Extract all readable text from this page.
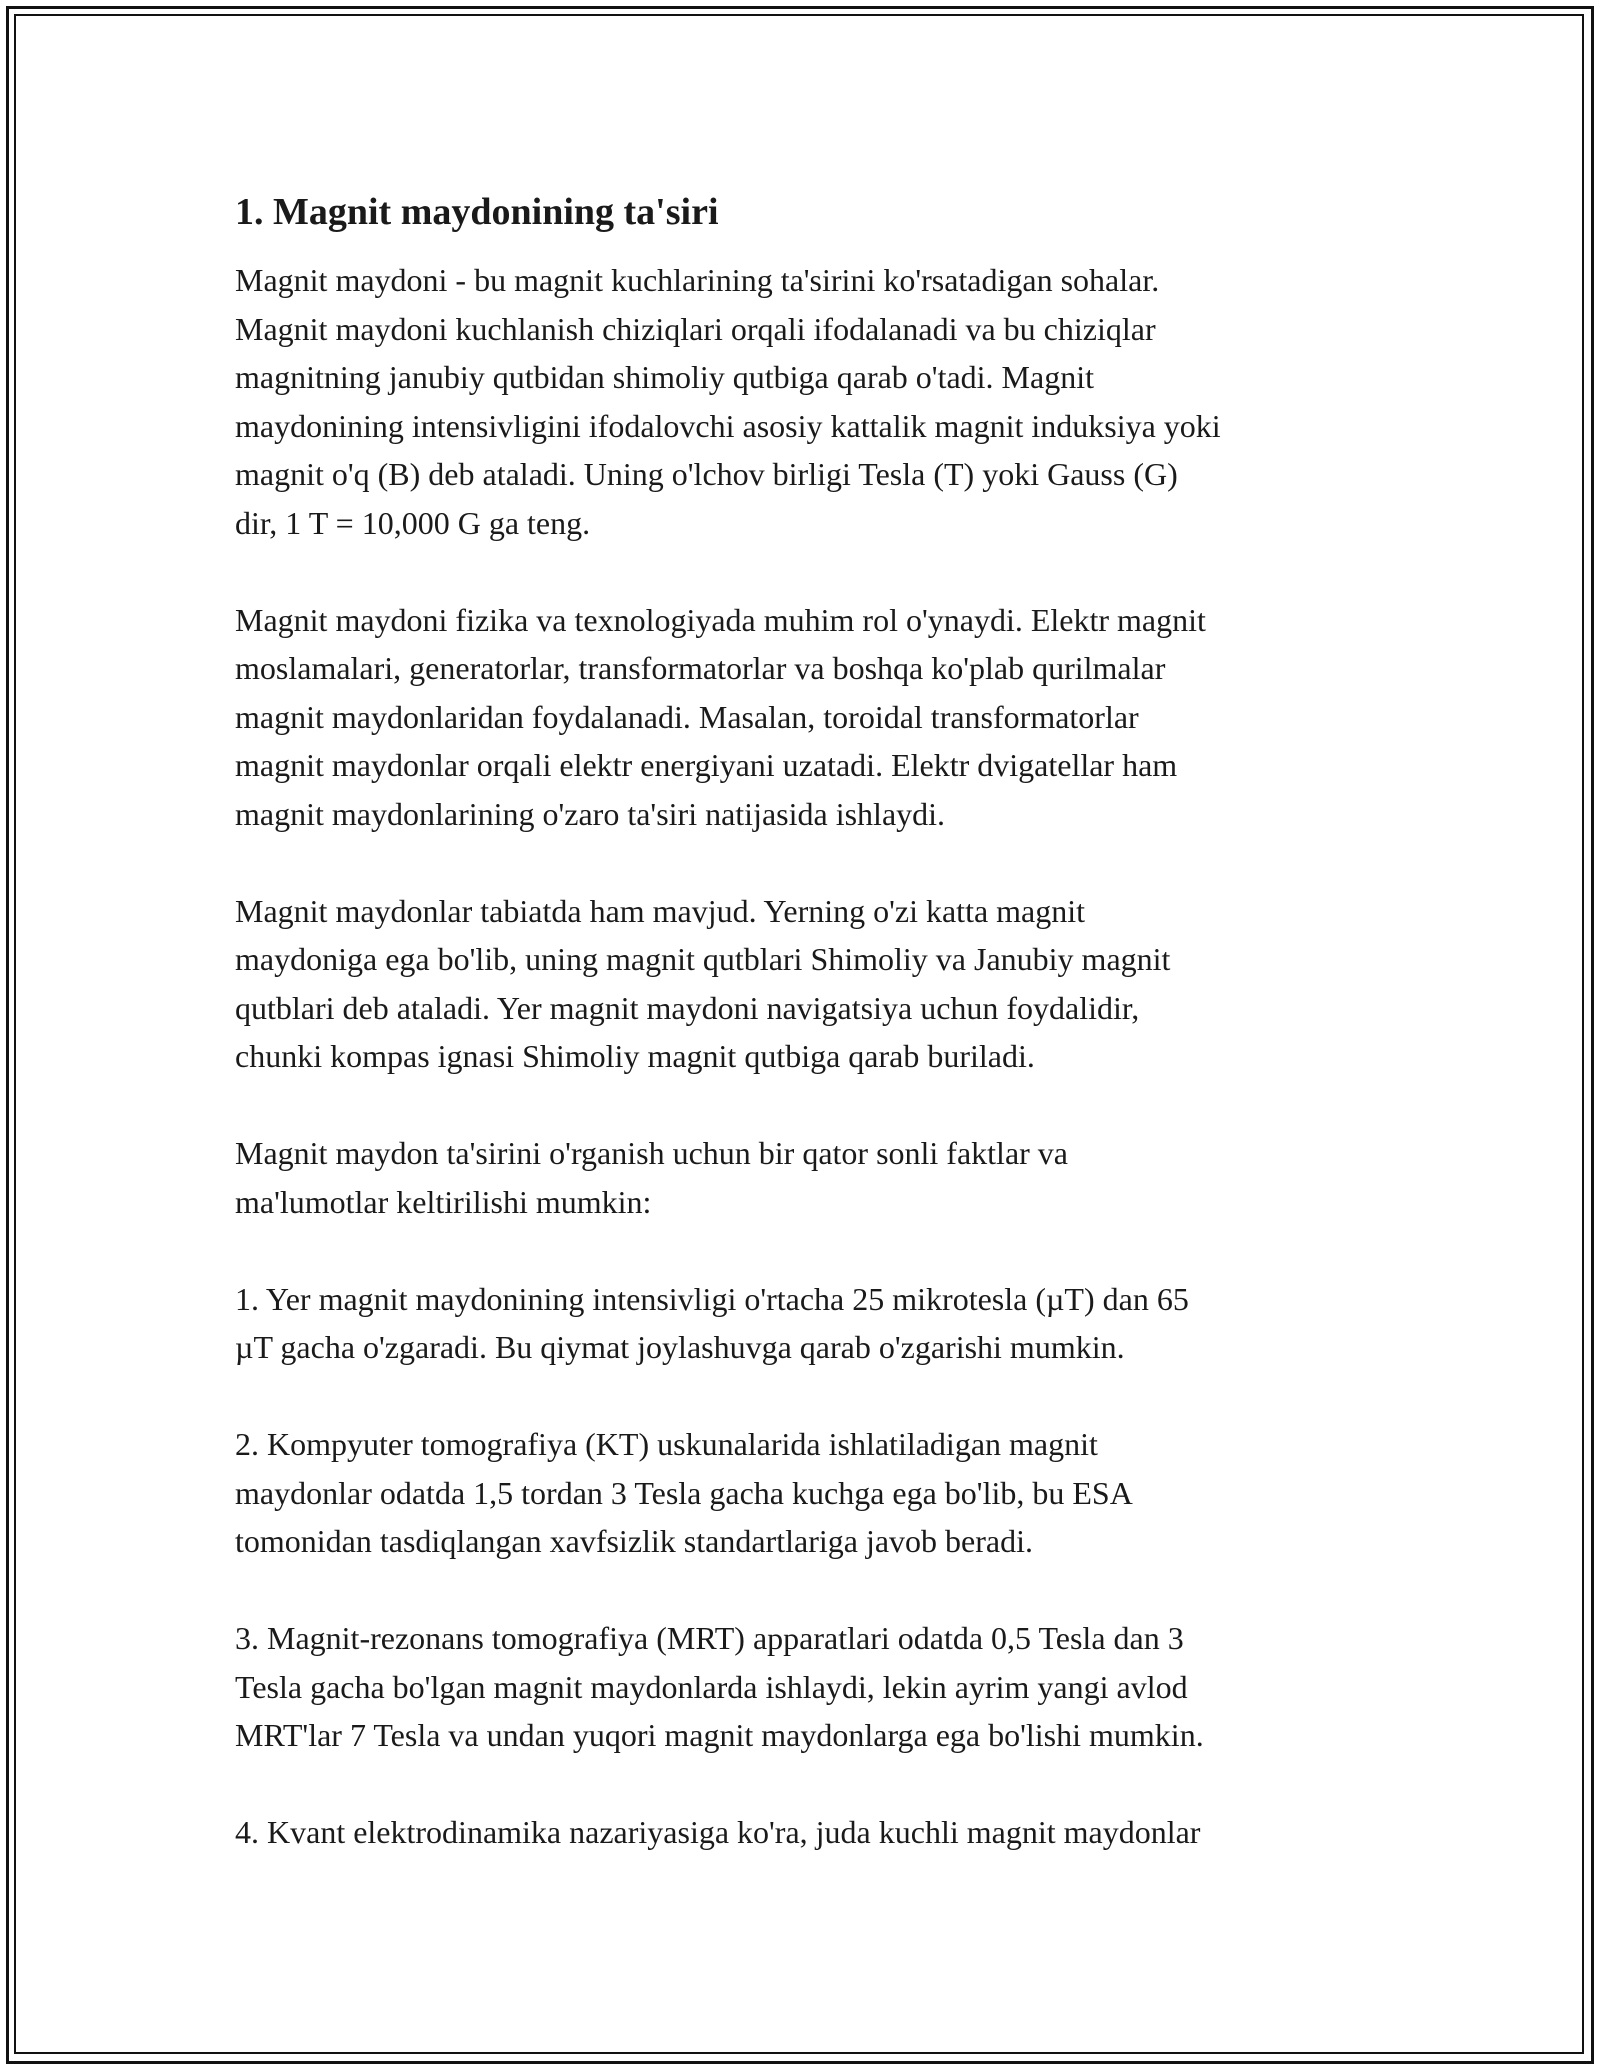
1. Magnit maydonining ta'siri

Magnit maydoni - bu magnit kuchlarining ta'sirini ko'rsatadigan sohalar.
Magnit maydoni kuchlanish chiziqlari orqali ifodalanadi va bu chiziqlar
magnitning janubiy qutbidan shimoliy qutbiga qarab o'tadi. Magnit
maydonining intensivligini ifodalovchi asosiy kattalik magnit induksiya yoki
magnit o'q (B) deb ataladi. Uning o'lchov birligi Tesla (T) yoki Gauss (G)
dir, 1 T = 10,000 G ga teng.

Magnit maydoni fizika va texnologiyada muhim rol o'ynaydi. Elektr magnit
moslamalari, generatorlar, transformatorlar va boshqa ko'plab qurilmalar
magnit maydonlaridan foydalanadi. Masalan, toroidal transformatorlar
magnit maydonlar orqali elektr energiyani uzatadi. Elektr dvigatellar ham
magnit maydonlarining o'zaro ta'siri natijasida ishlaydi.

Magnit maydonlar tabiatda ham mavjud. Yerning o'zi katta magnit
maydoniga ega bo'lib, uning magnit qutblari Shimoliy va Janubiy magnit
qutblari deb ataladi. Yer magnit maydoni navigatsiya uchun foydalidir,
chunki kompas ignasi Shimoliy magnit qutbiga qarab buriladi.

Magnit maydon ta'sirini o'rganish uchun bir qator sonli faktlar va
ma'lumotlar keltirilishi mumkin:

1. Yer magnit maydonining intensivligi o'rtacha 25 mikrotesla (µT) dan 65
µT gacha o'zgaradi. Bu qiymat joylashuvga qarab o'zgarishi mumkin.

2. Kompyuter tomografiya (KT) uskunalarida ishlatiladigan magnit
maydonlar odatda 1,5 tordan 3 Tesla gacha kuchga ega bo'lib, bu ESA
tomonidan tasdiqlangan xavfsizlik standartlariga javob beradi.

3. Magnit-rezonans tomografiya (MRT) apparatlari odatda 0,5 Tesla dan 3
Tesla gacha bo'lgan magnit maydonlarda ishlaydi, lekin ayrim yangi avlod
MRT'lar 7 Tesla va undan yuqori magnit maydonlarga ega bo'lishi mumkin.

4. Kvant elektrodinamika nazariyasiga ko'ra, juda kuchli magnit maydonlar
